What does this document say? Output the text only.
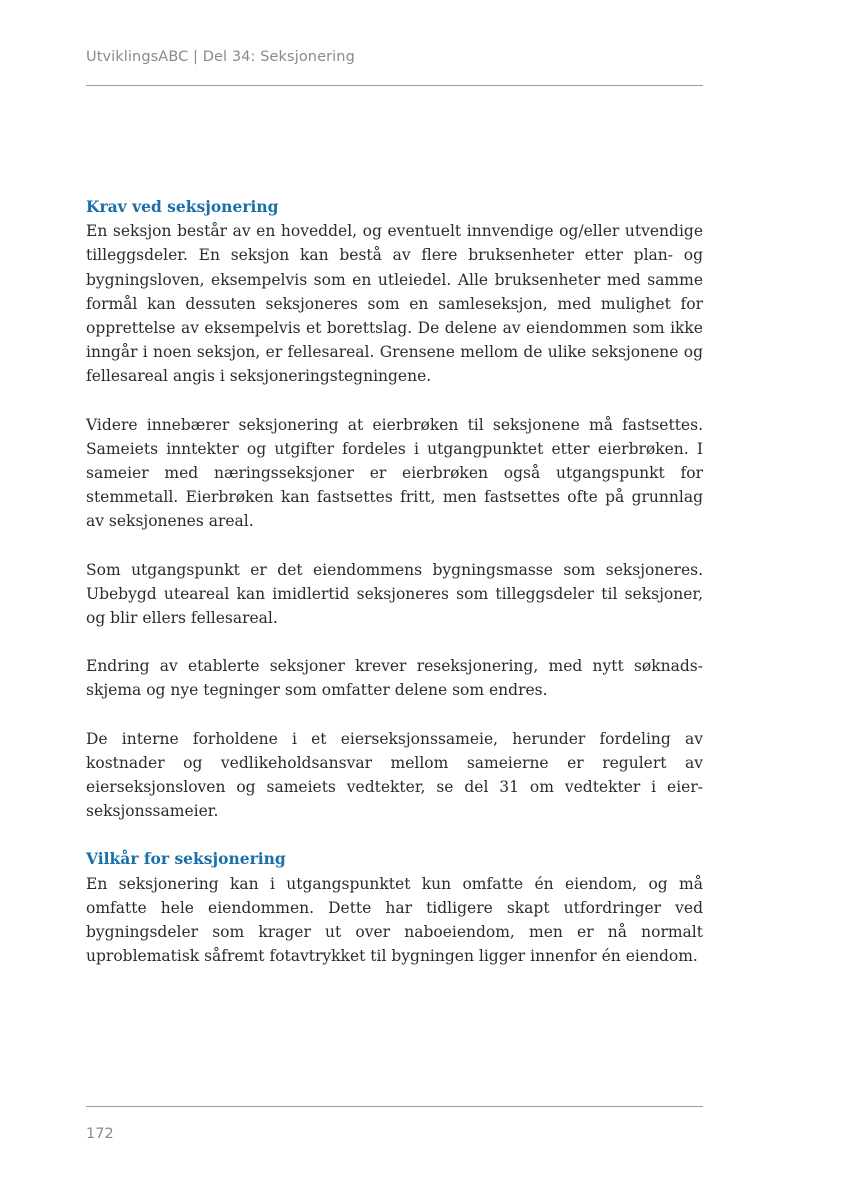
UtviklingsABC | Del 34: Seksjonering
Krav ved seksjonering

En seksjon består av en hoveddel, og eventuelt innvendige og/eller utvendige tilleggsdeler. En seksjon kan bestå av flere bruksenheter etter plan- og bygningsloven, eksempelvis som en utleiedel. Alle bruksenheter med samme formål kan dessuten seksjoneres som en samleseksjon, med mulighet for opprettelse av eksempelvis et borettslag. De delene av eiendommen som ikke inngår i noen seksjon, er fellesareal. Grensene mellom de ulike seksjonene og fellesareal angis i seksjoneringstegningene.

Videre innebærer seksjonering at eierbrøken til seksjonene må fastsettes. Sameiets inntekter og utgifter fordeles i utgangpunktet etter eierbrøken. I sameier med næringsseksjoner er eierbrøken også utgangspunkt for stemmetall. Eierbrøken kan fastsettes fritt, men fastsettes ofte på grunnlag av seksjonenes areal.

Som utgangspunkt er det eiendommens bygningsmasse som seksjoneres. Ubebygd uteareal kan imidlertid seksjoneres som tilleggsdeler til seksjoner, og blir ellers fellesareal.

Endring av etablerte seksjoner krever reseksjonering, med nytt søknadsskjema og nye tegninger som omfatter delene som endres.

De interne forholdene i et eierseksjonssameie, herunder fordeling av kostnader og vedlikeholdsansvar mellom sameierne er regulert av eierseksjonsloven og sameiets vedtekter, se del 31 om vedtekter i eierseksjonssameier.

Vilkår for seksjonering

En seksjonering kan i utgangspunktet kun omfatte én eiendom, og må omfatte hele eiendommen. Dette har tidligere skapt utfordringer ved bygningsdeler som krager ut over naboeiendom, men er nå normalt uproblematisk såfremt fotavtrykket til bygningen ligger innenfor én eiendom.

172
